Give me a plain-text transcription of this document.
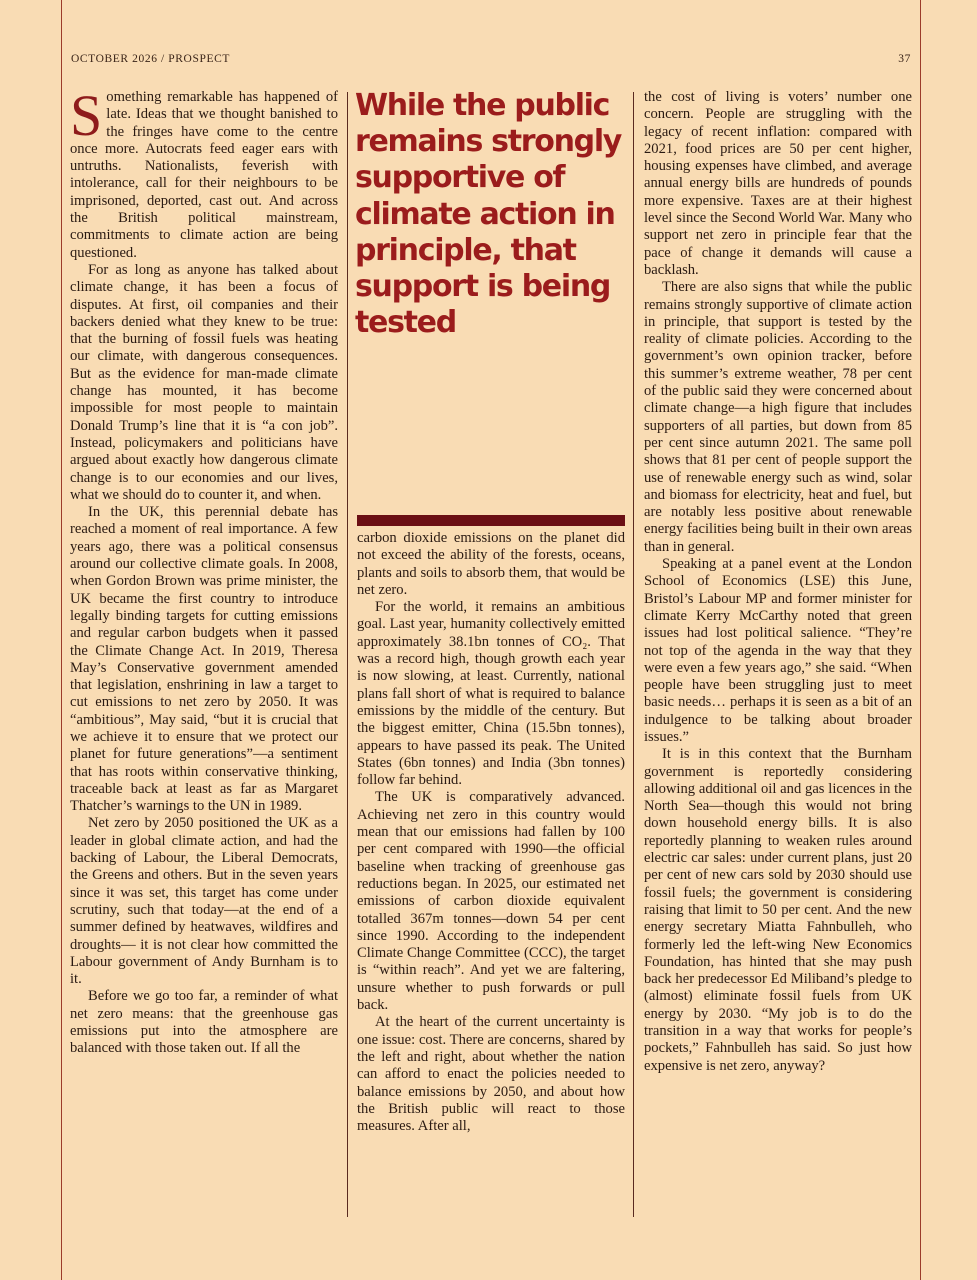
OCTOBER 2026 / PROSPECT	37

Something remarkable has happened of late. Ideas that we thought banished to the fringes have come to the centre once more. Autocrats feed eager ears with untruths. Nationalists, feverish with intolerance, call for their neighbours to be imprisoned, deported, cast out. And across the British political mainstream, commitments to climate action are being questioned.

For as long as anyone has talked about climate change, it has been a focus of disputes. At first, oil companies and their backers denied what they knew to be true: that the burning of fossil fuels was heating our climate, with dangerous consequences. But as the evidence for man-made climate change has mounted, it has become impossible for most people to maintain Donald Trump’s line that it is “a con job”. Instead, policymakers and politicians have argued about exactly how dangerous climate change is to our economies and our lives, what we should do to counter it, and when.

In the UK, this perennial debate has reached a moment of real importance. A few years ago, there was a political consensus around our collective climate goals. In 2008, when Gordon Brown was prime minister, the UK became the first country to introduce legally binding targets for cutting emissions and regular carbon budgets when it passed the Climate Change Act. In 2019, Theresa May’s Conservative government amended that legislation, enshrining in law a target to cut emissions to net zero by 2050. It was “ambitious”, May said, “but it is crucial that we achieve it to ensure that we protect our planet for future generations”—a sentiment that has roots within conservative thinking, traceable back at least as far as Margaret Thatcher’s warnings to the UN in 1989.

Net zero by 2050 positioned the UK as a leader in global climate action, and had the backing of Labour, the Liberal Democrats, the Greens and others. But in the seven years since it was set, this target has come under scrutiny, such that today—at the end of a summer defined by heatwaves, wildfires and droughts— it is not clear how committed the Labour government of Andy Burnham is to it.

Before we go too far, a reminder of what net zero means: that the greenhouse gas emissions put into the atmosphere are balanced with those taken out. If all the

While the public remains strongly supportive of climate action in principle, that support is being tested

carbon dioxide emissions on the planet did not exceed the ability of the forests, oceans, plants and soils to absorb them, that would be net zero.

For the world, it remains an ambitious goal. Last year, humanity collectively emitted approximately 38.1bn tonnes of CO₂. That was a record high, though growth each year is now slowing, at least. Currently, national plans fall short of what is required to balance emissions by the middle of the century. But the biggest emitter, China (15.5bn tonnes), appears to have passed its peak. The United States (6bn tonnes) and India (3bn tonnes) follow far behind.

The UK is comparatively advanced. Achieving net zero in this country would mean that our emissions had fallen by 100 per cent compared with 1990—the official baseline when tracking of greenhouse gas reductions began. In 2025, our estimated net emissions of carbon dioxide equivalent totalled 367m tonnes—down 54 per cent since 1990. According to the independent Climate Change Committee (CCC), the target is “within reach”. And yet we are faltering, unsure whether to push forwards or pull back.

At the heart of the current uncertainty is one issue: cost. There are concerns, shared by the left and right, about whether the nation can afford to enact the policies needed to balance emissions by 2050, and about how the British public will react to those measures. After all,

the cost of living is voters’ number one concern. People are struggling with the legacy of recent inflation: compared with 2021, food prices are 50 per cent higher, housing expenses have climbed, and average annual energy bills are hundreds of pounds more expensive. Taxes are at their highest level since the Second World War. Many who support net zero in principle fear that the pace of change it demands will cause a backlash.

There are also signs that while the public remains strongly supportive of climate action in principle, that support is tested by the reality of climate policies. According to the government’s own opinion tracker, before this summer’s extreme weather, 78 per cent of the public said they were concerned about climate change—a high figure that includes supporters of all parties, but down from 85 per cent since autumn 2021. The same poll shows that 81 per cent of people support the use of renewable energy such as wind, solar and biomass for electricity, heat and fuel, but are notably less positive about renewable energy facilities being built in their own areas than in general.

Speaking at a panel event at the London School of Economics (LSE) this June, Bristol’s Labour MP and former minister for climate Kerry McCarthy noted that green issues had lost political salience. “They’re not top of the agenda in the way that they were even a few years ago,” she said. “When people have been struggling just to meet basic needs… perhaps it is seen as a bit of an indulgence to be talking about broader issues.”

It is in this context that the Burnham government is reportedly considering allowing additional oil and gas licences in the North Sea—though this would not bring down household energy bills. It is also reportedly planning to weaken rules around electric car sales: under current plans, just 20 per cent of new cars sold by 2030 should use fossil fuels; the government is considering raising that limit to 50 per cent. And the new energy secretary Miatta Fahnbulleh, who formerly led the left-wing New Economics Foundation, has hinted that she may push back her predecessor Ed Miliband’s pledge to (almost) eliminate fossil fuels from UK energy by 2030. “My job is to do the transition in a way that works for people’s pockets,” Fahnbulleh has said. So just how expensive is net zero, anyway?
